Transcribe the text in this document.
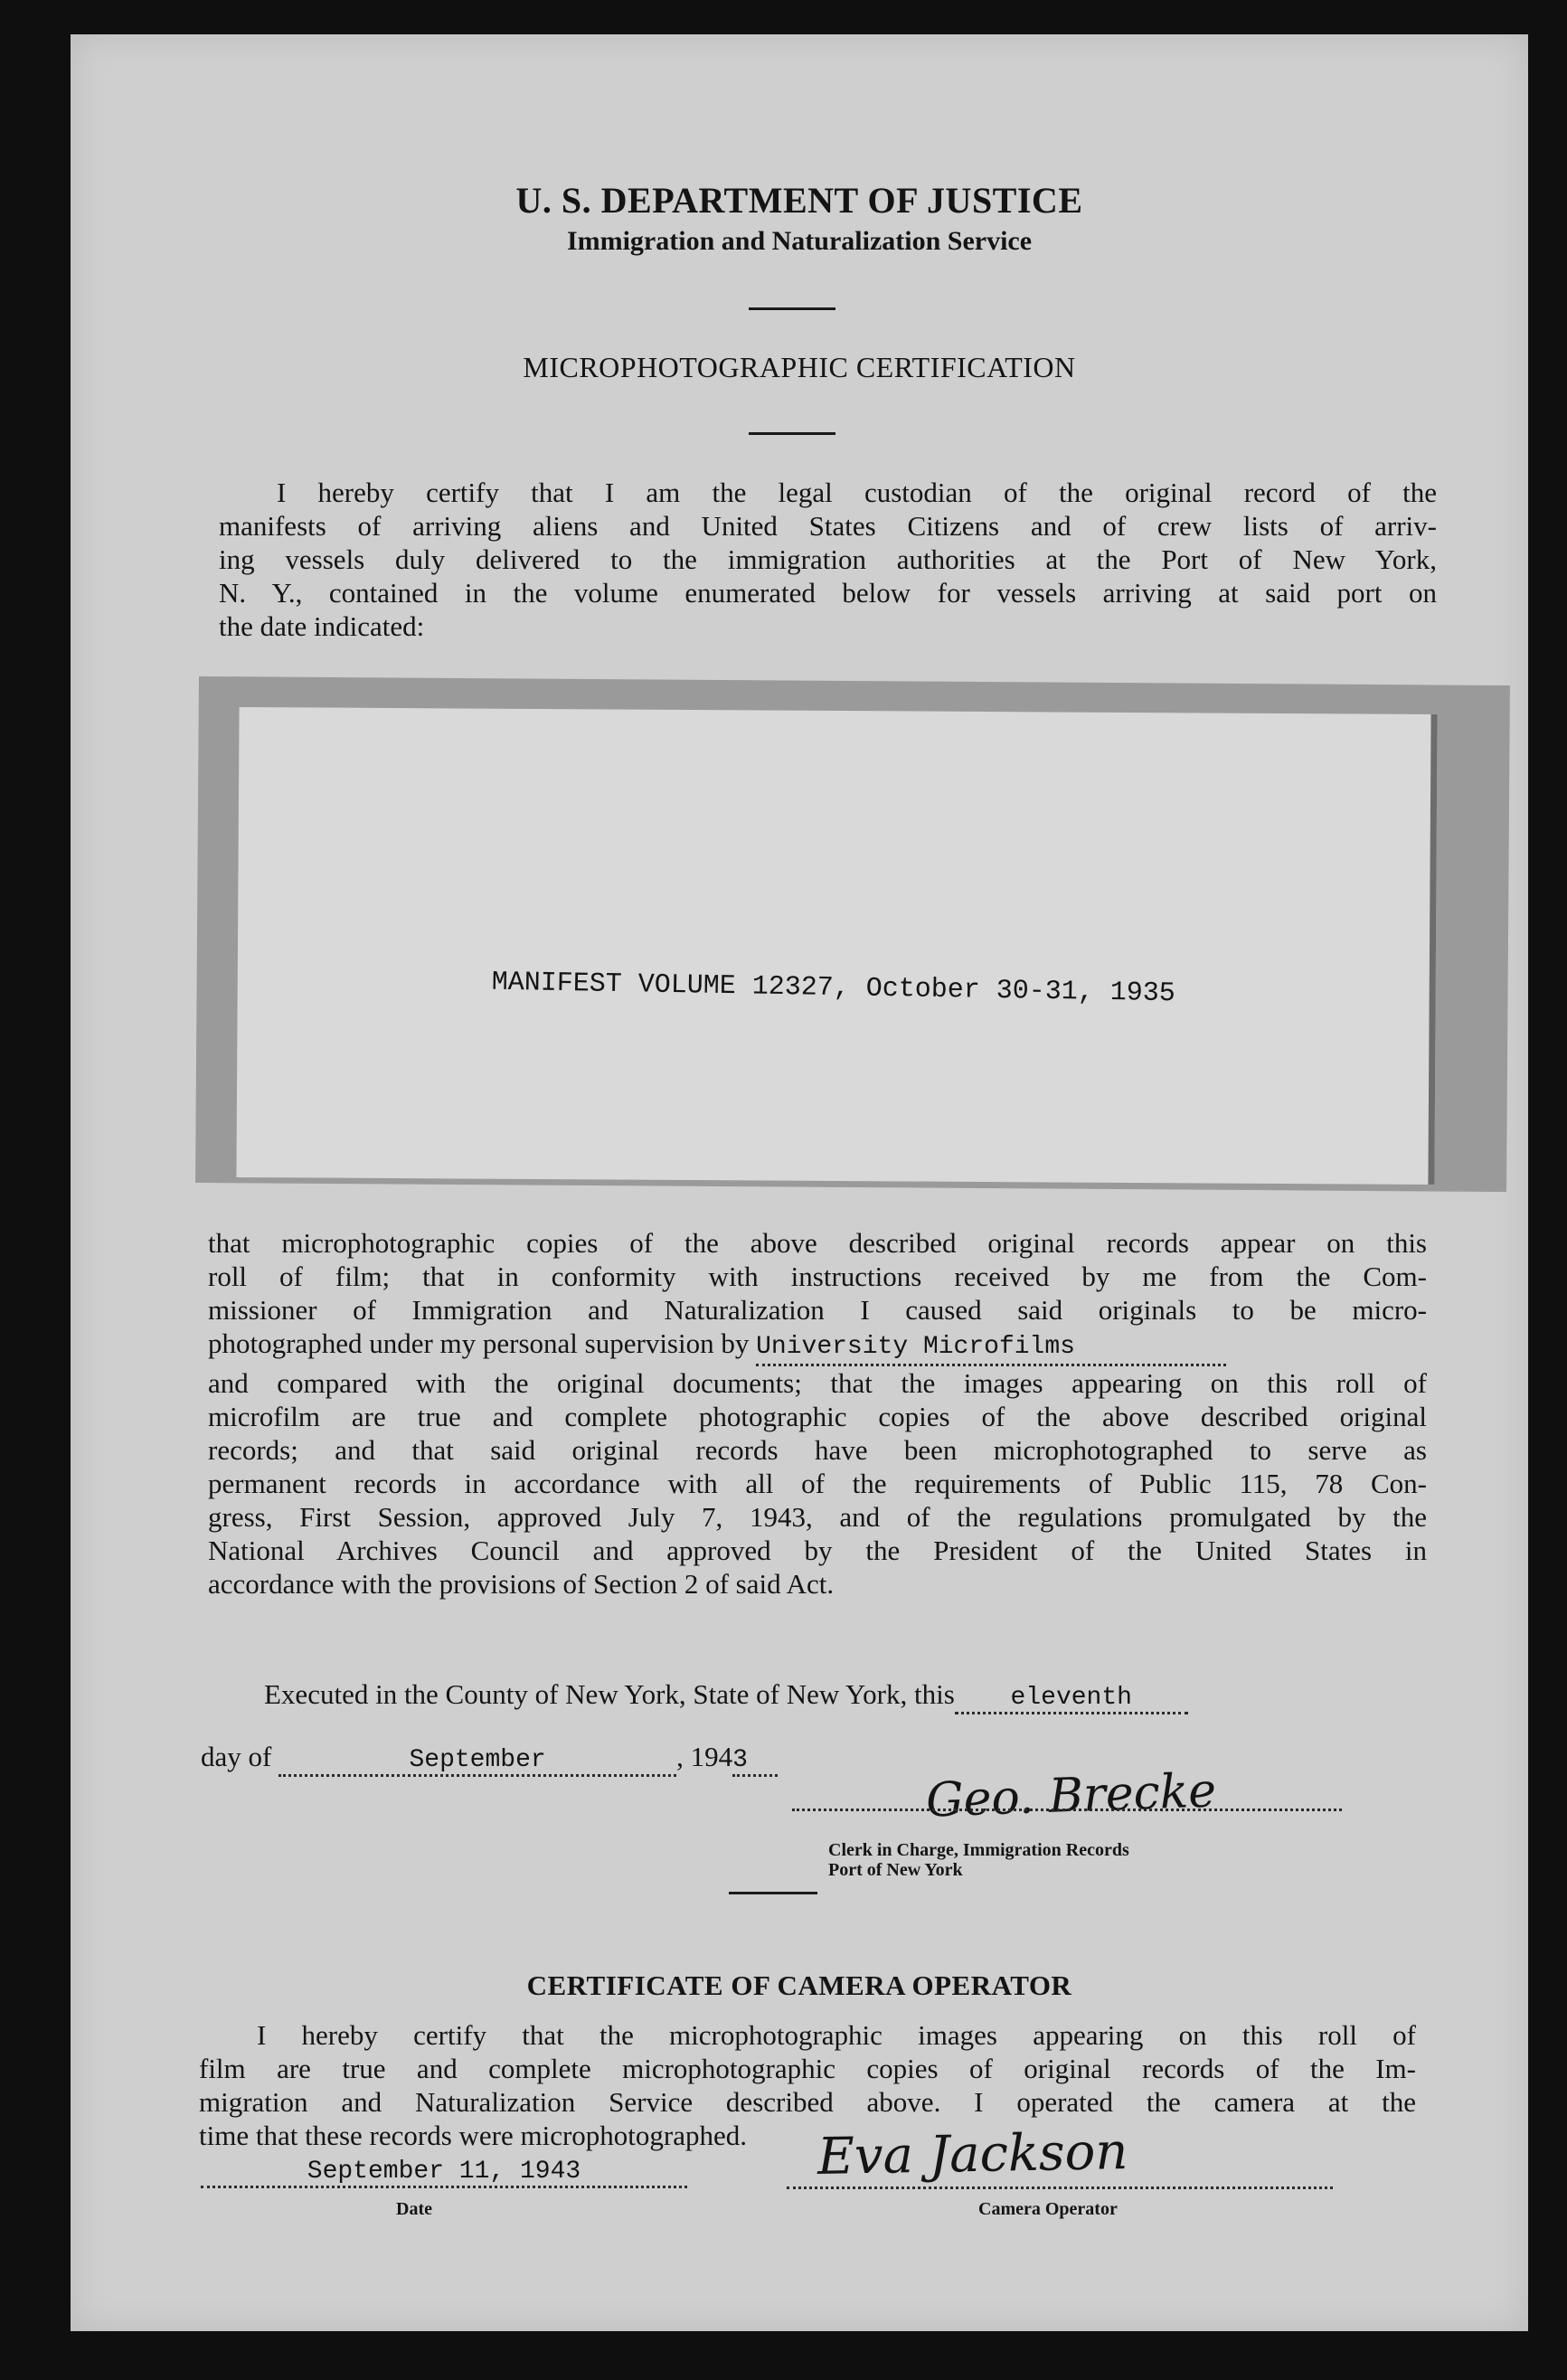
U. S. DEPARTMENT OF JUSTICE
Immigration and Naturalization Service
MICROPHOTOGRAPHIC CERTIFICATION
I hereby certify that I am the legal custodian of the original record of the
manifests of arriving aliens and United States Citizens and of crew lists of arriv-
ing vessels duly delivered to the immigration authorities at the Port of New York,
N. Y., contained in the volume enumerated below for vessels arriving at said port on
the date indicated:
MANIFEST VOLUME 12327, October 30-31, 1935
that microphotographic copies of the above described original records appear on this
roll of film; that in conformity with instructions received by me from the Com-
missioner of Immigration and Naturalization I caused said originals to be micro-
photographed under my personal supervision by University Microfilms
and compared with the original documents; that the images appearing on this roll of
microfilm are true and complete photographic copies of the above described original
records; and that said original records have been microphotographed to serve as
permanent records in accordance with all of the requirements of Public 115, 78 Con-
gress, First Session, approved July 7, 1943, and of the regulations promulgated by the
National Archives Council and approved by the President of the United States in
accordance with the provisions of Section 2 of said Act.
Executed in the County of New York, State of New York, this eleventh
day of	September	, 1943
Geo. Brecke
Clerk in Charge, Immigration Records
Port of New York
CERTIFICATE OF CAMERA OPERATOR
I hereby certify that the microphotographic images appearing on this roll of
film are true and complete microphotographic copies of original records of the Im-
migration and Naturalization Service described above. I operated the camera at the
time that these records were microphotographed.
September 11, 1943
Date
Eva Jackson
Camera Operator
